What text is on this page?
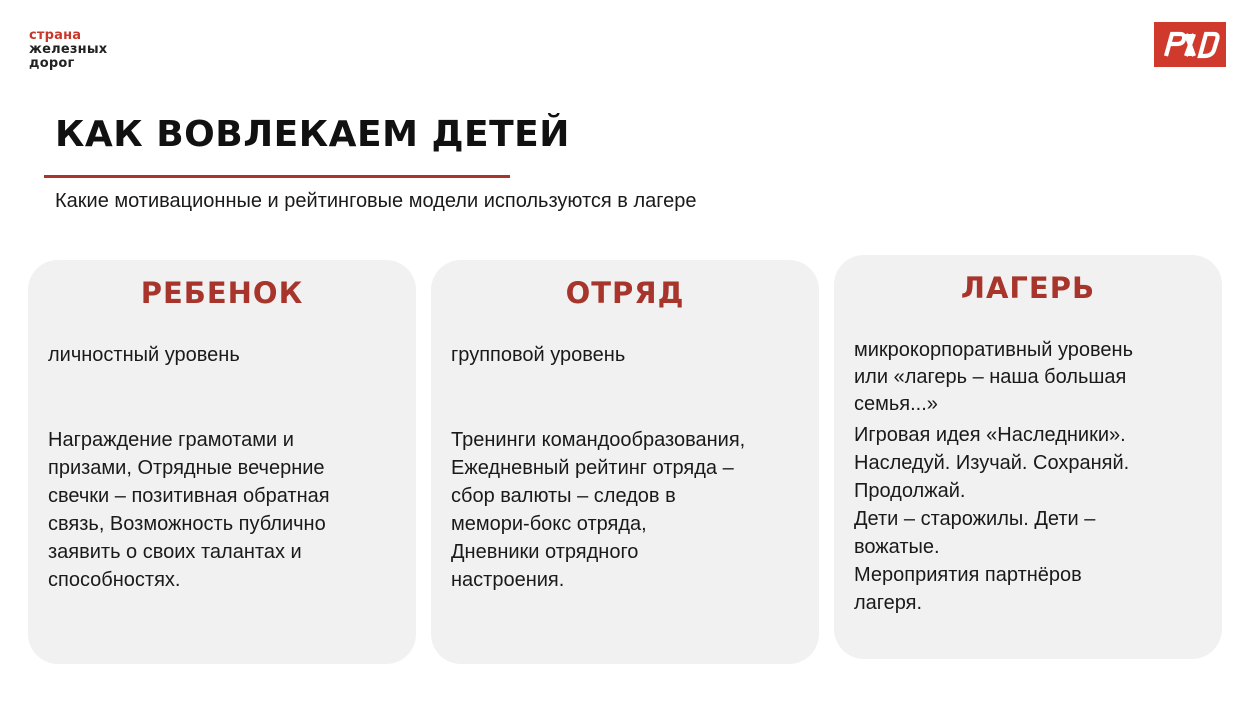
страна
железных
дорог
КАК ВОВЛЕКАЕМ ДЕТЕЙ
Какие мотивационные и рейтинговые модели используются в лагере
РЕБЕНОК
личностный уровень
Награждение грамотами и
призами, Отрядные вечерние
свечки – позитивная обратная
связь, Возможность публично
заявить о своих талантах и
способностях.
ОТРЯД
групповой уровень
Тренинги командообразования,
Ежедневный рейтинг отряда –
сбор валюты – следов в
мемори-бокс отряда,
Дневники отрядного
настроения.
ЛАГЕРЬ
микрокорпоративный уровень
или «лагерь – наша большая
семья...»
Игровая идея «Наследники».
Наследуй. Изучай. Сохраняй.
Продолжай.
Дети – старожилы. Дети –
вожатые.
Мероприятия партнёров
лагеря.
